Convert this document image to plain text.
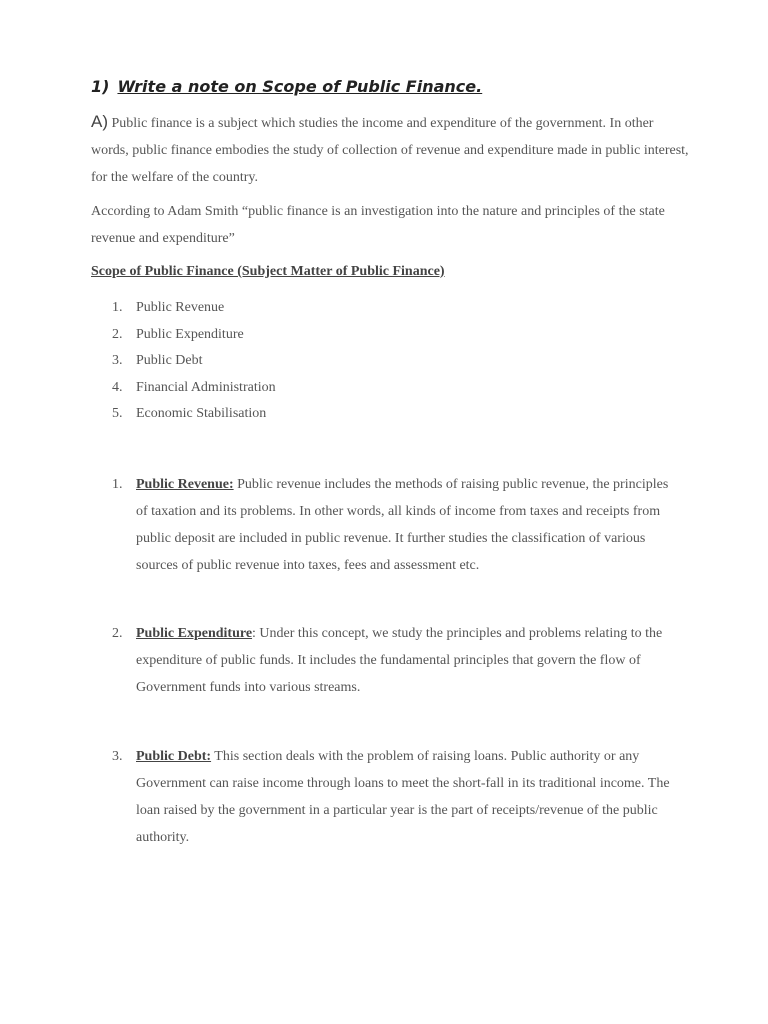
1) Write a note on Scope of Public Finance.
A) Public finance is a subject which studies the income and expenditure of the government. In other words, public finance embodies the study of collection of revenue and expenditure made in public interest, for the welfare of the country.
According to Adam Smith “public finance is an investigation into the nature and principles of the state revenue and expenditure”
Scope of Public Finance (Subject Matter of Public Finance)
1. Public Revenue
2. Public Expenditure
3. Public Debt
4. Financial Administration
5. Economic Stabilisation
1. Public Revenue: Public revenue includes the methods of raising public revenue, the principles of taxation and its problems. In other words, all kinds of income from taxes and receipts from public deposit are included in public revenue. It further studies the classification of various sources of public revenue into taxes, fees and assessment etc.
2. Public Expenditure: Under this concept, we study the principles and problems relating to the expenditure of public funds. It includes the fundamental principles that govern the flow of Government funds into various streams.
3. Public Debt: This section deals with the problem of raising loans. Public authority or any Government can raise income through loans to meet the short-fall in its traditional income. The loan raised by the government in a particular year is the part of receipts/revenue of the public authority.
